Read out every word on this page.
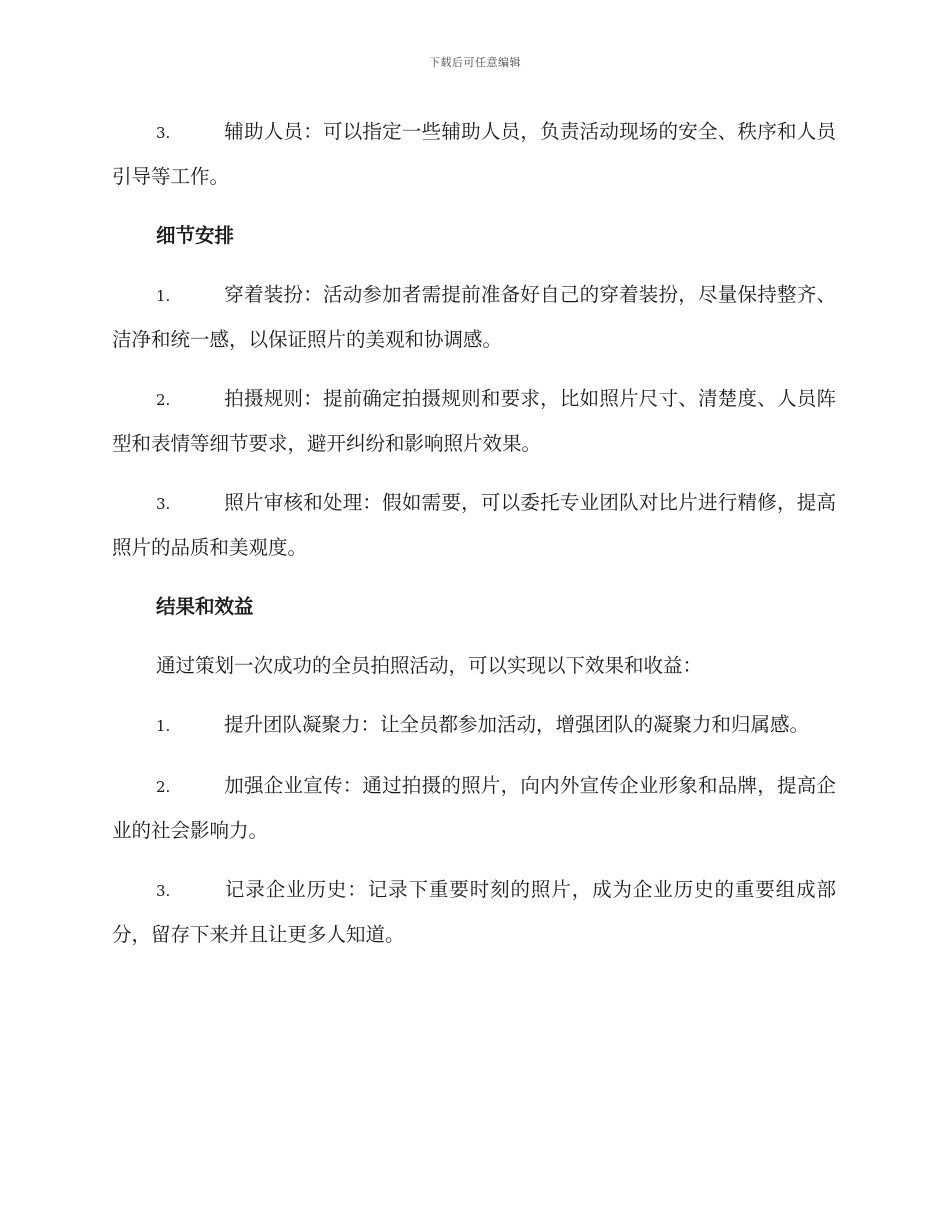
下载后可任意编辑

3.	辅助人员：可以指定一些辅助人员，负责活动现场的安全、秩序和人员引导等工作。

细节安排

1.	穿着装扮：活动参加者需提前准备好自己的穿着装扮，尽量保持整齐、洁净和统一感，以保证照片的美观和协调感。

2.	拍摄规则：提前确定拍摄规则和要求，比如照片尺寸、清楚度、人员阵型和表情等细节要求，避开纠纷和影响照片效果。

3.	照片审核和处理：假如需要，可以委托专业团队对比片进行精修，提高照片的品质和美观度。

结果和效益

通过策划一次成功的全员拍照活动，可以实现以下效果和收益：

1.	提升团队凝聚力：让全员都参加活动，增强团队的凝聚力和归属感。

2.	加强企业宣传：通过拍摄的照片，向内外宣传企业形象和品牌，提高企业的社会影响力。

3.	记录企业历史：记录下重要时刻的照片，成为企业历史的重要组成部分，留存下来并且让更多人知道。
